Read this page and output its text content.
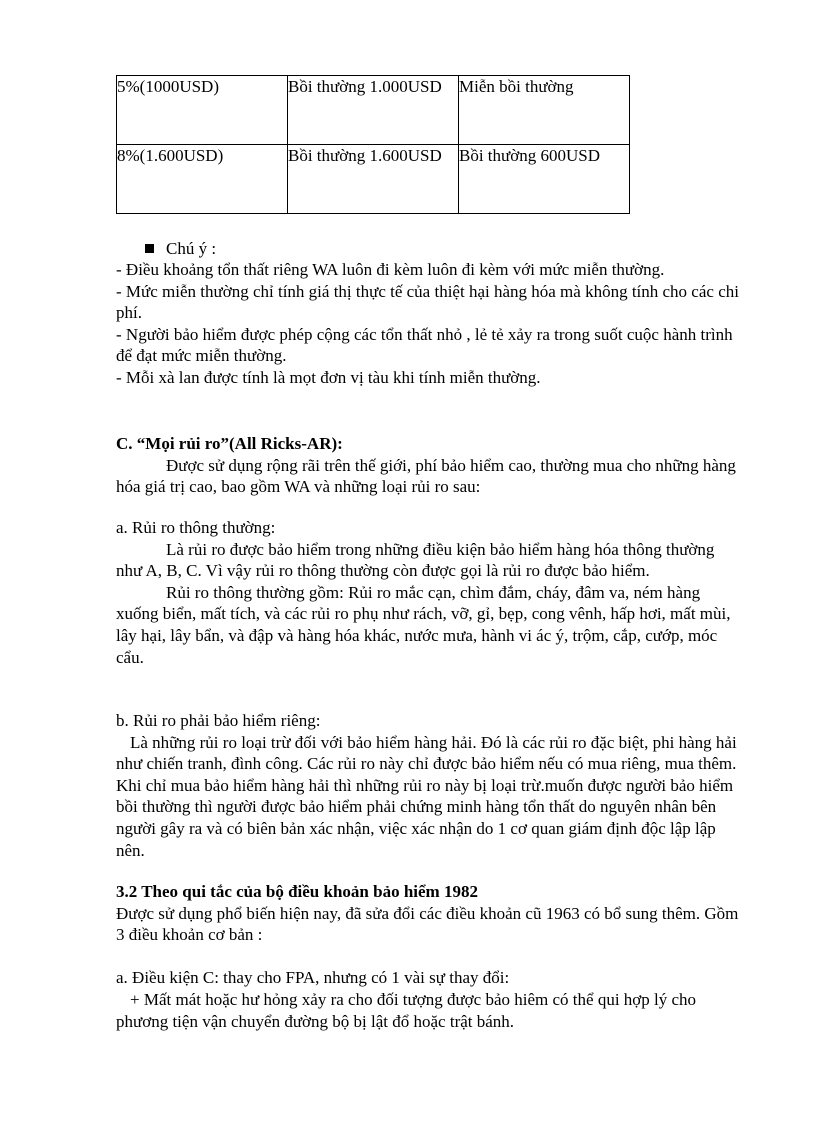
5%(1000USD)	Bồi thường 1.000USD	Miễn bồi thường
8%(1.600USD)	Bồi thường 1.600USD	Bồi thường 600USD
Chú ý :
- Điều khoảng tổn thất riêng WA luôn đi kèm luôn đi kèm với mức miễn thường.
- Mức miễn thường chỉ tính giá thị thực tế của thiệt hại hàng hóa mà không tính cho các chi phí.
- Người bảo hiểm được phép cộng các tổn thất nhỏ , lẻ tẻ xảy ra trong suốt cuộc hành trình để đạt mức miễn thường.
- Mỗi xà lan được tính là mọt đơn vị tàu khi tính miễn thường.
C. “Mọi rủi ro”(All Ricks-AR):
Được sử dụng rộng rãi trên thế giới, phí bảo hiểm cao, thường mua cho những hàng hóa giá trị cao, bao gồm WA và những loại rủi ro sau:
a. Rủi ro thông thường:
Là rủi ro được bảo hiểm trong những điều kiện bảo hiểm hàng hóa thông thường như A, B, C. Vì vậy rủi ro thông thường còn được gọi là rủi ro được bảo hiểm.
Rủi ro thông thường gồm: Rủi ro mắc cạn, chìm đắm, cháy, đâm va, ném hàng xuống biển, mất tích, và các rủi ro phụ như rách, vỡ, gỉ, bẹp, cong vênh, hấp hơi, mất mùi, lây hại, lây bẩn, và đập và hàng hóa khác, nước mưa, hành vi ác ý, trộm, cắp, cướp, móc cẩu.
b. Rủi ro phải bảo hiểm riêng:
Là những rủi ro loại trừ đối với bảo hiểm hàng hải. Đó là các rủi ro đặc biệt, phi hàng hải như chiến tranh, đình công. Các rủi ro này chỉ được bảo hiểm nếu có mua riêng, mua thêm. Khi chỉ mua bảo hiểm hàng hải thì những rủi ro này bị loại trừ.muốn được người bảo hiểm bồi thường thì người được bảo hiểm phải chứng minh hàng tổn thất do nguyên nhân bên người gây ra và có biên bản xác nhận, việc xác nhận do 1 cơ quan giám định độc lập lập nên.
3.2 Theo qui tắc của bộ điều khoản bảo hiểm 1982
Được sử dụng phổ biến hiện nay, đã sửa đổi các điều khoản cũ 1963 có bổ sung thêm. Gồm 3 điều khoản cơ bản :
a. Điều kiện C: thay cho FPA, nhưng có 1 vài sự thay đổi:
+ Mất mát hoặc hư hỏng xảy ra cho đối tượng được bảo hiêm có thể qui hợp lý cho phương tiện vận chuyển đường bộ bị lật đổ hoặc trật bánh.
